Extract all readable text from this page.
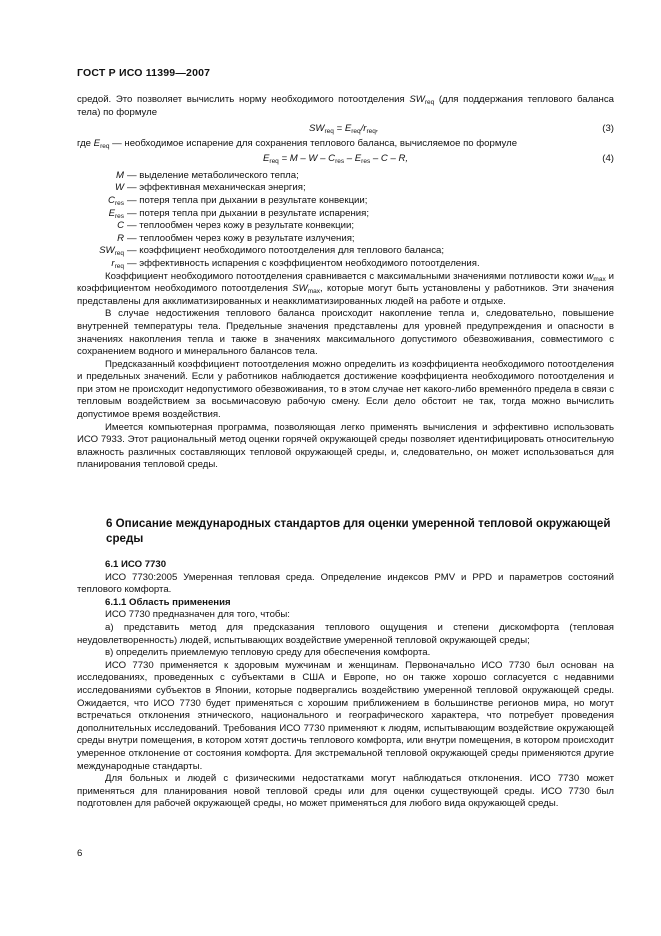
ГОСТ Р ИСО 11399—2007

средой. Это позволяет вычислить норму необходимого потоотделения $SW_{req}$ (для поддержания теплового баланса тела) по формуле

$SW_{req} = E_{req}/r_{req}$,	(3)

где $E_{req}$ — необходимое испарение для сохранения теплового баланса, вычисляемое по формуле

$E_{req} = M - W - C_{res} - E_{res} - C - R$,	(4)
M — выделение метаболического тепла;
W — эффективная механическая энергия;
$C_{res}$ — потеря тепла при дыхании в результате конвекции;
$E_{res}$ — потеря тепла при дыхании в результате испарения;
C — теплообмен через кожу в результате конвекции;
R — теплообмен через кожу в результате излучения;
$SW_{req}$ — коэффициент необходимого потоотделения для теплового баланса;
$r_{req}$ — эффективность испарения с коэффициентом необходимого потоотделения.

Коэффициент необходимого потоотделения сравнивается с максимальными значениями потливости кожи $w_{max}$ и коэффициентом необходимого потоотделения $SW_{max}$, которые могут быть установлены у работников. Эти значения представлены для акклиматизированных и неакклиматизированных людей на работе и отдыхе.

В случае недостижения теплового баланса происходит накопление тепла и, следовательно, повышение внутренней температуры тела. Предельные значения представлены для уровней предупреждения и опасности в значениях накопления тепла и также в значениях максимального допустимого обезвоживания, совместимого с сохранением водного и минерального балансов тела.

Предсказанный коэффициент потоотделения можно определить из коэффициента необходимого потоотделения и предельных значений. Если у работников наблюдается достижение коэффициента необходимого потоотделения и при этом не происходит недопустимого обезвоживания, то в этом случае нет какого-либо временнóго предела в связи с тепловым воздействием за восьмичасовую рабочую смену. Если дело обстоит не так, тогда можно вычислить допустимое время воздействия.

Имеется компьютерная программа, позволяющая легко применять вычисления и эффективно использовать ИСО 7933. Этот рациональный метод оценки горячей окружающей среды позволяет идентифицировать относительную влажность различных составляющих тепловой окружающей среды, и, следовательно, он может использоваться для планирования тепловой среды.

6 Описание международных стандартов для оценки умеренной тепловой окружающей среды

6.1 ИСО 7730

ИСО 7730:2005 Умеренная тепловая среда. Определение индексов PMV и PPD и параметров состояний теплового комфорта.

6.1.1 Область применения

ИСО 7730 предназначен для того, чтобы:

а) представить метод для предсказания теплового ощущения и степени дискомфорта (тепловая неудовлетворенность) людей, испытывающих воздействие умеренной тепловой окружающей среды;

в) определить приемлемую тепловую среду для обеспечения комфорта.

ИСО 7730 применяется к здоровым мужчинам и женщинам. Первоначально ИСО 7730 был основан на исследованиях, проведенных с субъектами в США и Европе, но он также хорошо согласуется с недавними исследованиями субъектов в Японии, которые подвергались воздействию умеренной тепловой окружающей среды. Ожидается, что ИСО 7730 будет применяться с хорошим приближением в большинстве регионов мира, но могут встречаться отклонения этнического, национального и географического характера, что потребует проведения дополнительных исследований. Требования ИСО 7730 применяют к людям, испытывающим воздействие окружающей среды внутри помещения, в котором хотят достичь теплового комфорта, или внутри помещения, в котором происходит умеренное отклонение от состояния комфорта. Для экстремальной тепловой окружающей среды применяются другие международные стандарты.

Для больных и людей с физическими недостатками могут наблюдаться отклонения. ИСО 7730 может применяться для планирования новой тепловой среды или для оценки существующей среды. ИСО 7730 был подготовлен для рабочей окружающей среды, но может применяться для любого вида окружающей среды.

6
